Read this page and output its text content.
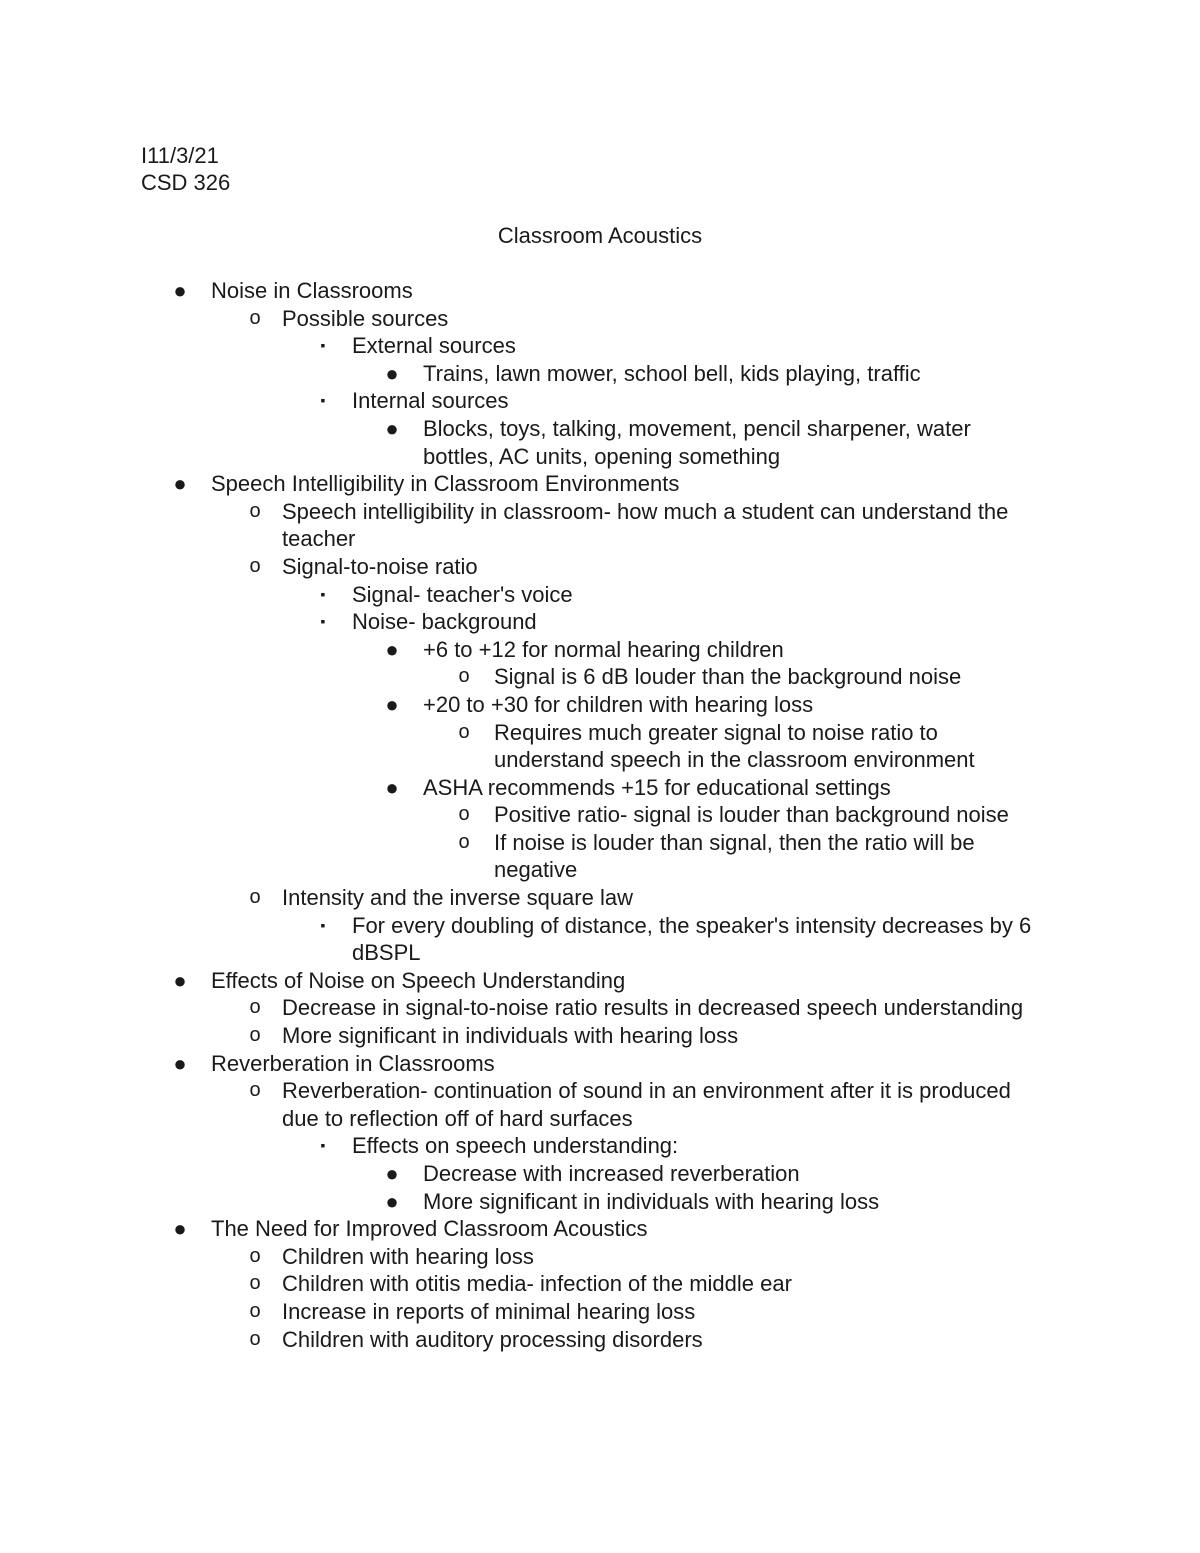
I11/3/21

CSD 326

Classroom Acoustics
● Noise in Classrooms
o Possible sources
▪	External sources
● Trains, lawn mower, school bell, kids playing, traffic
▪	Internal sources
● Blocks, toys, talking, movement, pencil sharpener, water bottles, AC units, opening something
● Speech Intelligibility in Classroom Environments
o Speech intelligibility in classroom- how much a student can understand the teacher
o Signal-to-noise ratio
▪	Signal- teacher's voice
▪	Noise- background
● +6 to +12 for normal hearing children
o Signal is 6 dB louder than the background noise
● +20 to +30 for children with hearing loss
o Requires much greater signal to noise ratio to understand speech in the classroom environment
● ASHA recommends +15 for educational settings
o Positive ratio- signal is louder than background noise
o If noise is louder than signal, then the ratio will be negative
o Intensity and the inverse square law
▪	For every doubling of distance, the speaker's intensity decreases by 6 dBSPL
● Effects of Noise on Speech Understanding
o Decrease in signal-to-noise ratio results in decreased speech understanding
o More significant in individuals with hearing loss
● Reverberation in Classrooms
o Reverberation- continuation of sound in an environment after it is produced due to reflection off of hard surfaces
▪	Effects on speech understanding:
● Decrease with increased reverberation
● More significant in individuals with hearing loss
● The Need for Improved Classroom Acoustics
o Children with hearing loss
o Children with otitis media- infection of the middle ear
o Increase in reports of minimal hearing loss
o Children with auditory processing disorders
